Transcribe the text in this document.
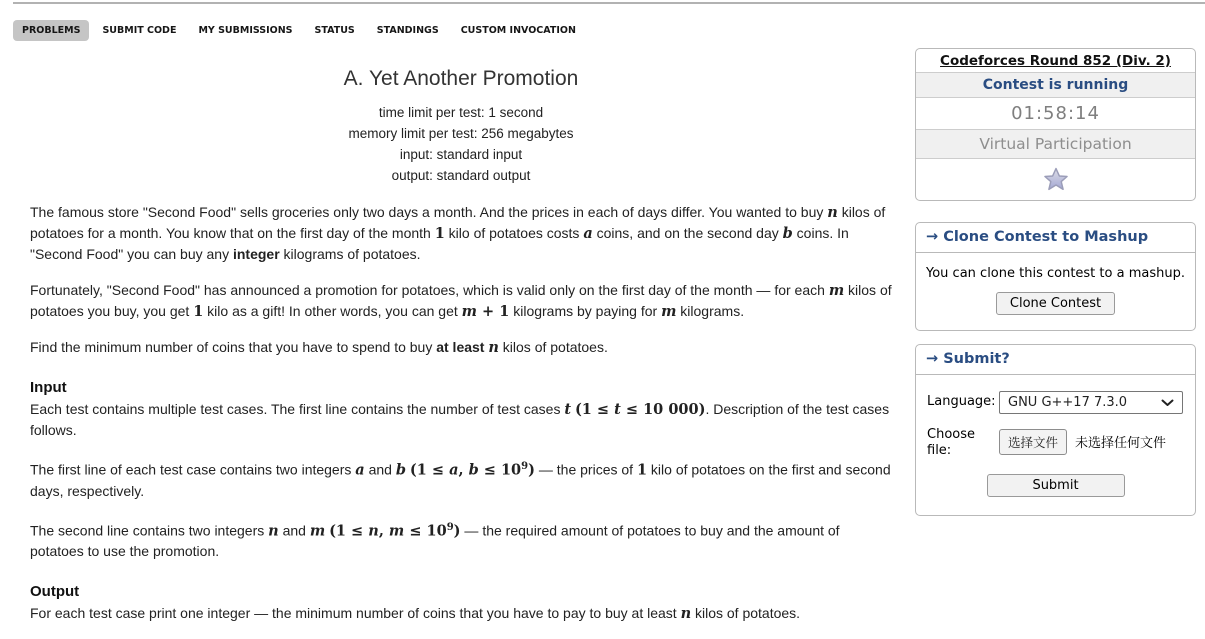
PROBLEMS	SUBMIT CODE	MY SUBMISSIONS	STATUS	STANDINGS	CUSTOM INVOCATION
A. Yet Another Promotion
time limit per test: 1 second
memory limit per test: 256 megabytes
input: standard input
output: standard output

The famous store "Second Food" sells groceries only two days a month. And the prices in each of days differ. You wanted to buy n kilos of potatoes for a month. You know that on the first day of the month 1 kilo of potatoes costs a coins, and on the second day b coins. In "Second Food" you can buy any integer kilograms of potatoes.

Fortunately, "Second Food" has announced a promotion for potatoes, which is valid only on the first day of the month — for each m kilos of potatoes you buy, you get 1 kilo as a gift! In other words, you can get m + 1 kilograms by paying for m kilograms.

Find the minimum number of coins that you have to spend to buy at least n kilos of potatoes.

Input

Each test contains multiple test cases. The first line contains the number of test cases t (1 ≤ t ≤ 10 000). Description of the test cases follows.

The first line of each test case contains two integers a and b (1 ≤ a, $b \le 10^9$) — the prices of 1 kilo of potatoes on the first and second days, respectively.

The second line contains two integers n and m (1 ≤ n, $m \le 10^9$) — the required amount of potatoes to buy and the amount of potatoes to use the promotion.

Output

For each test case print one integer — the minimum number of coins that you have to pay to buy at least n kilos of potatoes.

Codeforces Round 852 (Div. 2)
Contest is running
01:58:14
Virtual Participation
→ Clone Contest to Mashup
You can clone this contest to a mashup.
Clone Contest
→ Submit?
Language: GNU G++17 7.3.0
Choose file:
选择文件	未选择任何文件
Submit
